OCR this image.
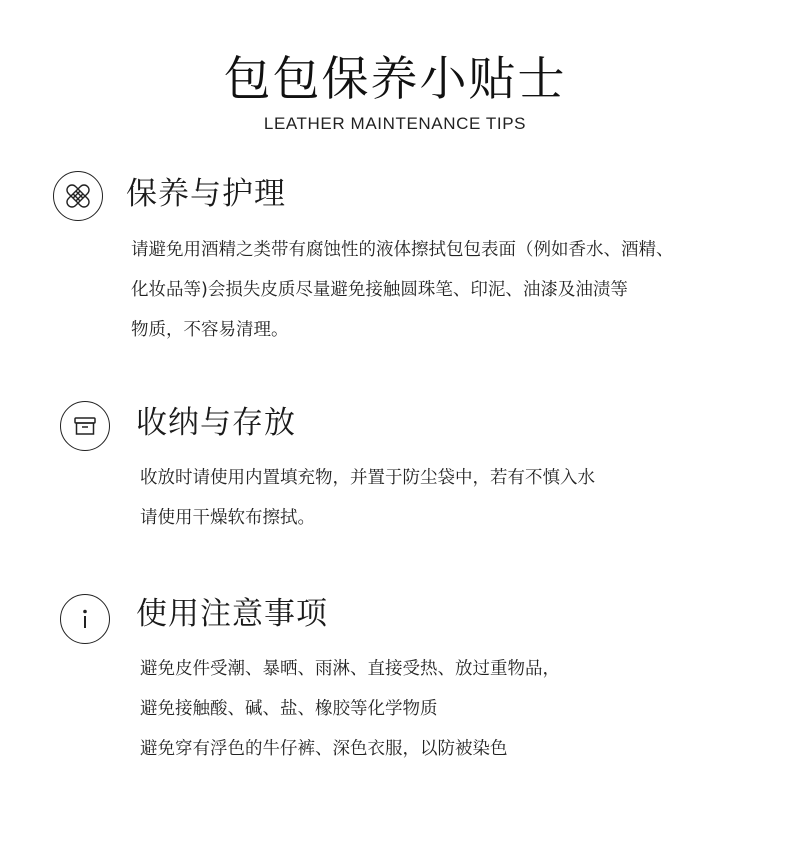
包包保养小贴士
LEATHER MAINTENANCE TIPS
保养与护理
请避免用酒精之类带有腐蚀性的液体擦拭包包表面（例如香水、酒精、
化妆品等)会损失皮质尽量避免接触圆珠笔、印泥、油漆及油渍等
物质，不容易清理。
收纳与存放
收放时请使用内置填充物，并置于防尘袋中，若有不慎入水
请使用干燥软布擦拭。
使用注意事项
避免皮件受潮、暴晒、雨淋、直接受热、放过重物品，
避免接触酸、碱、盐、橡胶等化学物质
避免穿有浮色的牛仔裤、深色衣服，以防被染色
